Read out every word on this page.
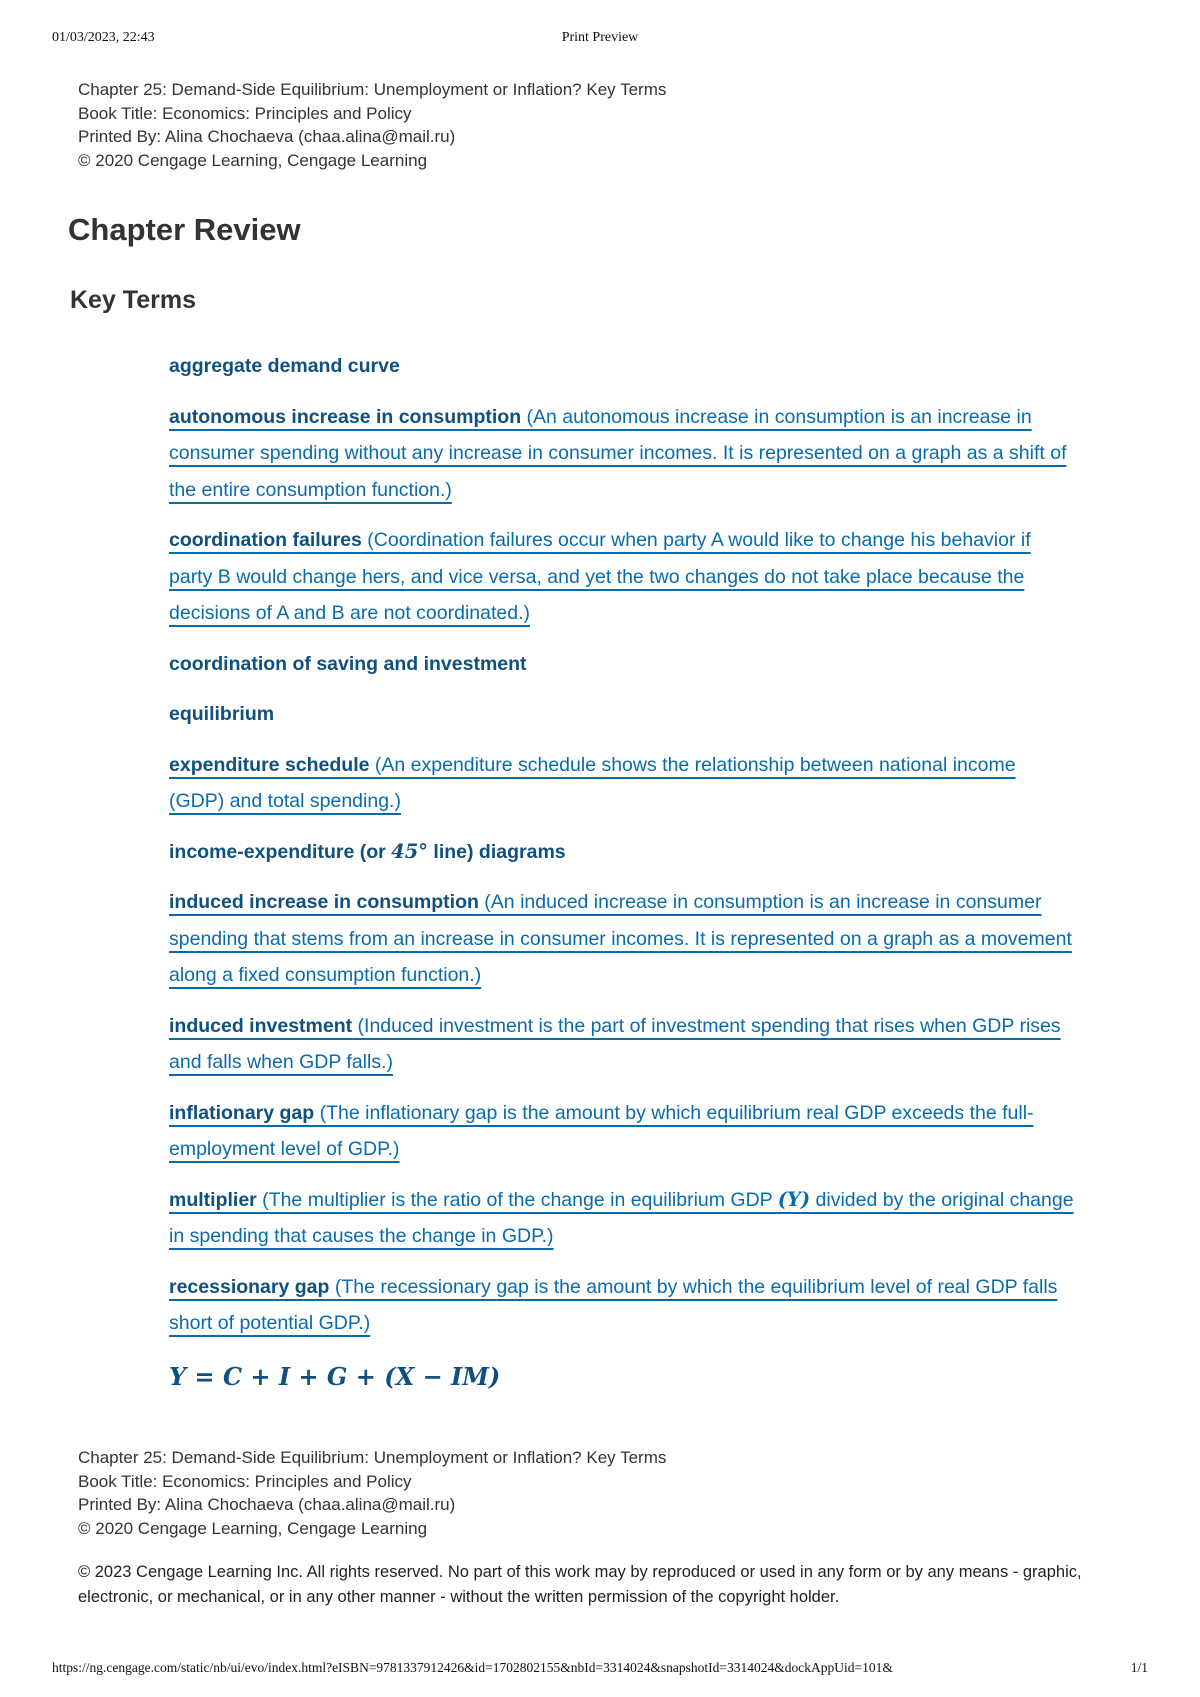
01/03/2023, 22:43	Print Preview
Chapter 25: Demand-Side Equilibrium: Unemployment or Inflation? Key Terms
Book Title: Economics: Principles and Policy
Printed By: Alina Chochaeva (chaa.alina@mail.ru)
© 2020 Cengage Learning, Cengage Learning
Chapter Review
Key Terms
aggregate demand curve
autonomous increase in consumption (An autonomous increase in consumption is an increase in consumer spending without any increase in consumer incomes. It is represented on a graph as a shift of the entire consumption function.)
coordination failures (Coordination failures occur when party A would like to change his behavior if party B would change hers, and vice versa, and yet the two changes do not take place because the decisions of A and B are not coordinated.)
coordination of saving and investment
equilibrium
expenditure schedule (An expenditure schedule shows the relationship between national income (GDP) and total spending.)
income-expenditure (or 45° line) diagrams
induced increase in consumption (An induced increase in consumption is an increase in consumer spending that stems from an increase in consumer incomes. It is represented on a graph as a movement along a fixed consumption function.)
induced investment (Induced investment is the part of investment spending that rises when GDP rises and falls when GDP falls.)
inflationary gap (The inflationary gap is the amount by which equilibrium real GDP exceeds the full-employment level of GDP.)
multiplier (The multiplier is the ratio of the change in equilibrium GDP (Y) divided by the original change in spending that causes the change in GDP.)
recessionary gap (The recessionary gap is the amount by which the equilibrium level of real GDP falls short of potential GDP.)
Y = C + I + G + (X − IM)
Chapter 25: Demand-Side Equilibrium: Unemployment or Inflation? Key Terms
Book Title: Economics: Principles and Policy
Printed By: Alina Chochaeva (chaa.alina@mail.ru)
© 2020 Cengage Learning, Cengage Learning
© 2023 Cengage Learning Inc. All rights reserved. No part of this work may by reproduced or used in any form or by any means - graphic, electronic, or mechanical, or in any other manner - without the written permission of the copyright holder.
https://ng.cengage.com/static/nb/ui/evo/index.html?eISBN=9781337912426&id=1702802155&nbId=3314024&snapshotId=3314024&dockAppUid=101&	1/1
